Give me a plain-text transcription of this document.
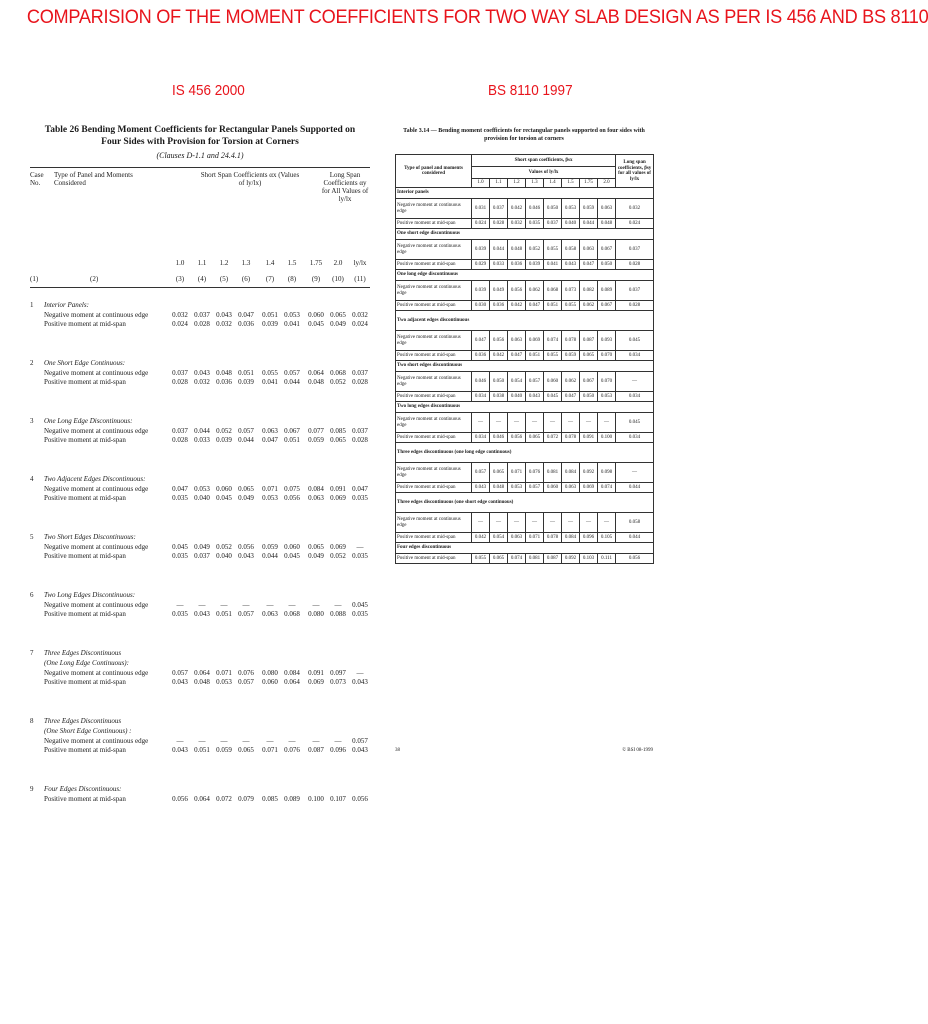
COMPARISION OF THE MOMENT COEFFICIENTS FOR TWO WAY SLAB DESIGN AS PER IS 456 AND BS 8110
IS 456 2000	BS 8110 1997
Table 26 Bending Moment Coefficients for Rectangular Panels Supported on
Four Sides with Provision for Torsion at Corners
(Clauses D-1.1 and 24.4.1)
Case No.
Type of Panel and Moments Considered
Short Span Coefficients αx (Values of ly/lx)
Long Span Coefficients αy for All Values of ly/lx
1.0	1.1	1.2	1.3	1.4	1.5	1.75	2.0	ly/lx
(1)	(2)	(3)	(4)	(5)	(6)	(7)	(8)	(9)	(10)	(11)
1 Interior Panels:
Negative moment at continuous edge	0.032 0.037 0.043 0.047	0.051 0.053	0.060 0.065 0.032
Positive moment at mid-span	0.024 0.028 0.032 0.036	0.039 0.041	0.045 0.049 0.024
2 One Short Edge Continuous:
Negative moment at continuous edge	0.037 0.043 0.048 0.051	0.055 0.057	0.064 0.068 0.037
Positive moment at mid-span	0.028 0.032 0.036 0.039	0.041 0.044	0.048 0.052 0.028
3 One Long Edge Discontinuous:
Negative moment at continuous edge	0.037 0.044 0.052 0.057	0.063 0.067	0.077 0.085 0.037
Positive moment at mid-span	0.028 0.033 0.039 0.044	0.047 0.051	0.059 0.065 0.028
4 Two Adjacent Edges Discontinuous:
Negative moment at continuous edge	0.047 0.053 0.060 0.065	0.071 0.075	0.084 0.091 0.047
Positive moment at mid-span	0.035 0.040 0.045 0.049	0.053 0.056	0.063 0.069 0.035
5 Two Short Edges Discontinuous:
Negative moment at continuous edge	0.045 0.049 0.052 0.056	0.059 0.060	0.065 0.069	—
Positive moment at mid-span	0.035 0.037 0.040 0.043	0.044 0.045	0.049 0.052 0.035
6 Two Long Edges Discontinuous:
Negative moment at continuous edge	—	—	—	—	—	—	—	—	0.045
Positive moment at mid-span	0.035 0.043 0.051 0.057	0.063 0.068	0.080 0.088 0.035
7 Three Edges Discontinuous
(One Long Edge Continuous):
Negative moment at continuous edge	0.057 0.064 0.071 0.076	0.080 0.084	0.091 0.097	—
Positive moment at mid-span	0.043 0.048 0.053 0.057	0.060 0.064	0.069 0.073 0.043
8 Three Edges Discontinuous
(One Short Edge Continuous) :
Negative moment at continuous edge	—	—	—	—	—	—	—	—	0.057
Positive moment at mid-span	0.043 0.051 0.059 0.065	0.071 0.076	0.087 0.096 0.043
9 Four Edges Discontinuous:
Positive moment at mid-span	0.056 0.064 0.072 0.079	0.085 0.089	0.100 0.107 0.056
Table 3.14 — Bending moment coefficients for rectangular panels supported on four sides with
provision for torsion at corners
Type of panel and moments considered	Short span coefficients, βsx								Long span coefficients, βsy for all values of ly/lx
	Values of ly/lx								
	1.0	1.1	1.2	1.3	1.4	1.5	1.75	2.0	
Interior panels									
Negative moment at continuous edge	0.031	0.037	0.042	0.046	0.050	0.053	0.059	0.063	0.032
Positive moment at mid-span	0.024	0.028	0.032	0.035	0.037	0.040	0.044	0.048	0.024
One short edge discontinuous									
Negative moment at continuous edge	0.039	0.044	0.048	0.052	0.055	0.058	0.063	0.067	0.037
Positive moment at mid-span	0.029	0.033	0.036	0.039	0.041	0.043	0.047	0.050	0.028
One long edge discontinuous									
Negative moment at continuous edge	0.039	0.049	0.056	0.062	0.068	0.073	0.082	0.089	0.037
Positive moment at mid-span	0.030	0.036	0.042	0.047	0.051	0.055	0.062	0.067	0.028
Two adjacent edges discontinuous									
Negative moment at continuous edge	0.047	0.056	0.063	0.069	0.074	0.078	0.087	0.093	0.045
Positive moment at mid-span	0.036	0.042	0.047	0.051	0.055	0.059	0.065	0.070	0.034
Two short edges discontinuous									
Negative moment at continuous edge	0.046	0.050	0.054	0.057	0.060	0.062	0.067	0.070	—
Positive moment at mid-span	0.034	0.038	0.040	0.043	0.045	0.047	0.050	0.053	0.034
Two long edges discontinuous									
Negative moment at continuous edge	—	—	—	—	—	—	—	—	0.045
Positive moment at mid-span	0.034	0.046	0.056	0.065	0.072	0.078	0.091	0.100	0.034
Three edges discontinuous (one long edge continuous)									
Negative moment at continuous edge	0.057	0.065	0.071	0.076	0.081	0.084	0.092	0.098	—
Positive moment at mid-span	0.043	0.048	0.053	0.057	0.060	0.063	0.069	0.074	0.044
Three edges discontinuous (one short edge continuous)									
Negative moment at continuous edge	—	—	—	—	—	—	—	—	0.058
Positive moment at mid-span	0.042	0.054	0.063	0.071	0.078	0.084	0.096	0.105	0.044
Four edges discontinuous									
Positive moment at mid-span	0.055	0.065	0.074	0.081	0.087	0.092	0.103	0.111	0.056
38	© BSI 08-1999
